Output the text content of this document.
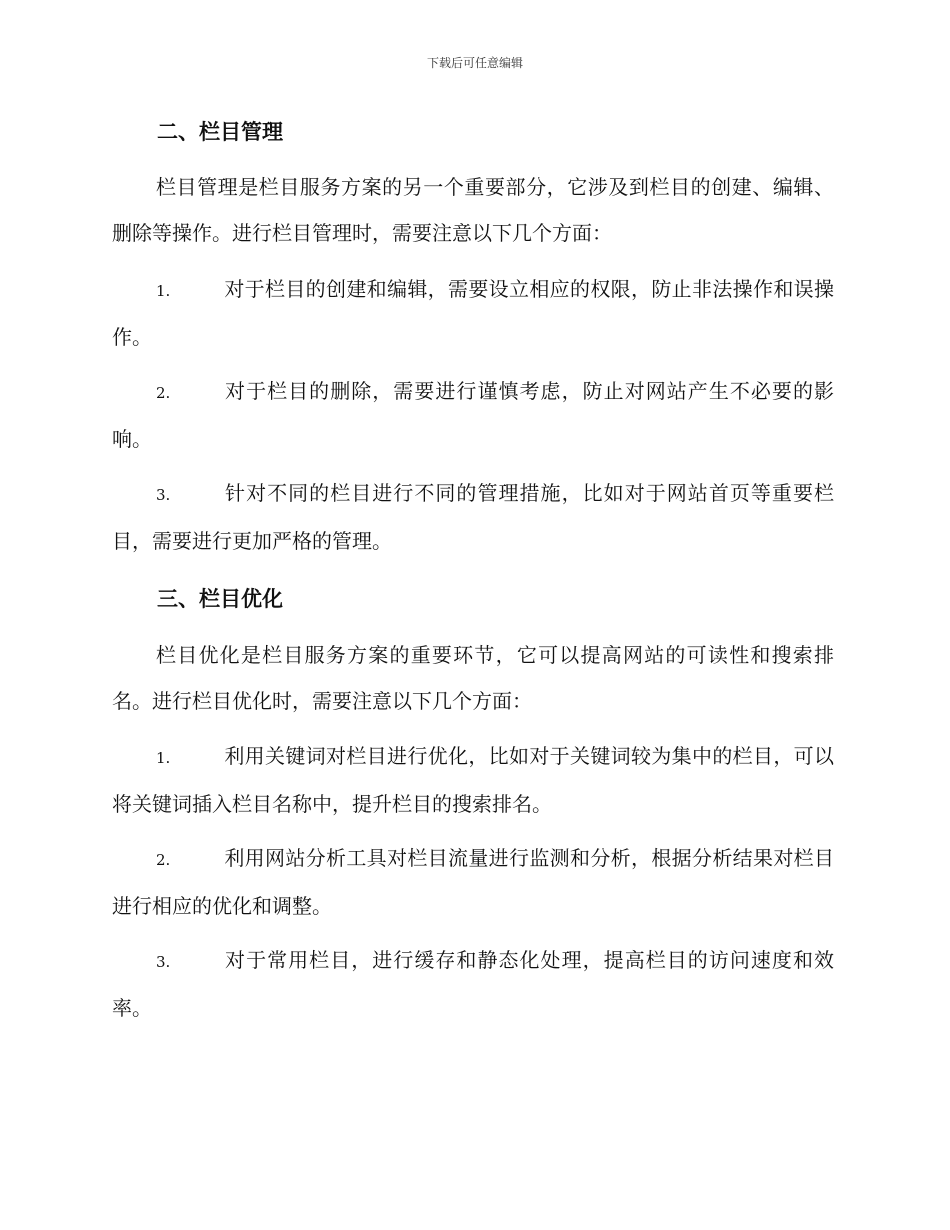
下载后可任意编辑
二、栏目管理
栏目管理是栏目服务方案的另一个重要部分，它涉及到栏目的创建、编辑、删除等操作。进行栏目管理时，需要注意以下几个方面：
1.	对于栏目的创建和编辑，需要设立相应的权限，防止非法操作和误操作。
2.	对于栏目的删除，需要进行谨慎考虑，防止对网站产生不必要的影响。
3.	针对不同的栏目进行不同的管理措施，比如对于网站首页等重要栏目，需要进行更加严格的管理。
三、栏目优化
栏目优化是栏目服务方案的重要环节，它可以提高网站的可读性和搜索排名。进行栏目优化时，需要注意以下几个方面：
1.	利用关键词对栏目进行优化，比如对于关键词较为集中的栏目，可以将关键词插入栏目名称中，提升栏目的搜索排名。
2.	利用网站分析工具对栏目流量进行监测和分析，根据分析结果对栏目进行相应的优化和调整。
3.	对于常用栏目，进行缓存和静态化处理，提高栏目的访问速度和效率。
